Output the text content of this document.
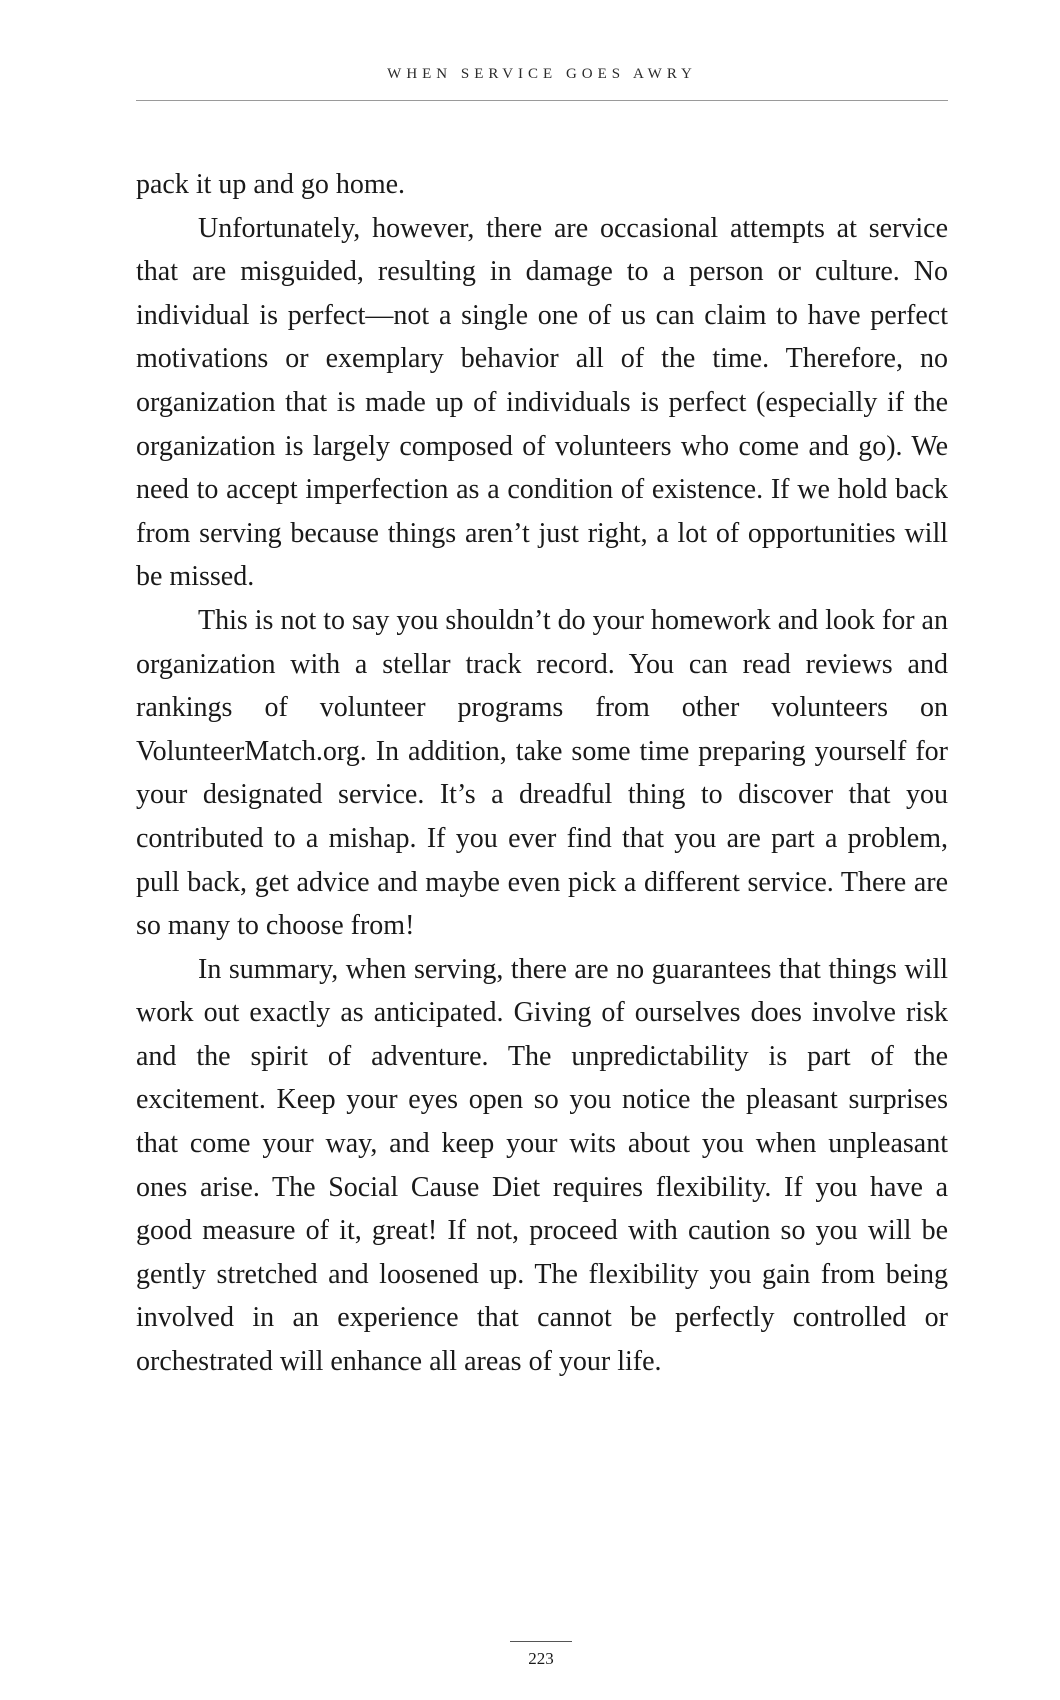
WHEN SERVICE GOES AWRY

pack it up and go home.

Unfortunately, however, there are occasional attempts at service that are misguided, resulting in damage to a person or culture. No individual is perfect—not a single one of us can claim to have perfect motivations or exemplary behavior all of the time. Therefore, no organization that is made up of individuals is perfect (especially if the organization is largely composed of volunteers who come and go). We need to accept imperfection as a condition of existence. If we hold back from serving because things aren’t just right, a lot of opportunities will be missed.

This is not to say you shouldn’t do your homework and look for an organization with a stellar track record. You can read reviews and rankings of volunteer programs from other volunteers on VolunteerMatch.org. In addition, take some time preparing yourself for your designated service. It’s a dreadful thing to discover that you contributed to a mishap. If you ever find that you are part a problem, pull back, get advice and maybe even pick a different service. There are so many to choose from!

In summary, when serving, there are no guarantees that things will work out exactly as anticipated. Giving of ourselves does involve risk and the spirit of adventure. The unpredictability is part of the excitement. Keep your eyes open so you notice the pleasant surprises that come your way, and keep your wits about you when unpleasant ones arise. The Social Cause Diet requires flexibility. If you have a good measure of it, great! If not, proceed with caution so you will be gently stretched and loosened up. The flexibility you gain from being involved in an experience that cannot be perfectly controlled or orchestrated will enhance all areas of your life.

223
